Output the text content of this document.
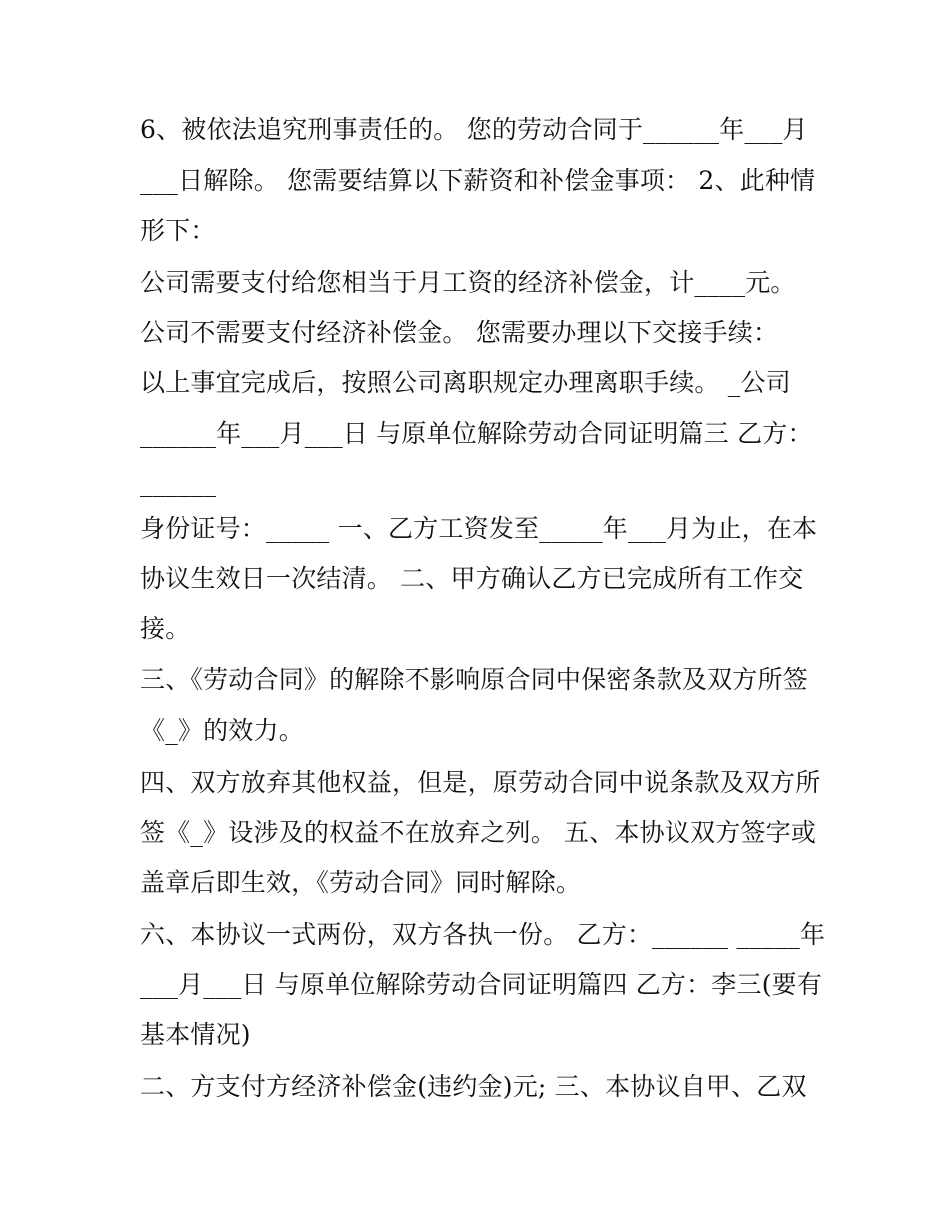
6、被依法追究刑事责任的。 您的劳动合同于______年___月
___日解除。 您需要结算以下薪资和补偿金事项： 2、此种情
形下：
公司需要支付给您相当于月工资的经济补偿金，计____元。
公司不需要支付经济补偿金。 您需要办理以下交接手续：
以上事宜完成后，按照公司离职规定办理离职手续。 _公司
______年___月___日 与原单位解除劳动合同证明篇三 乙方：
______
身份证号：_____ 一、乙方工资发至_____年___月为止，在本
协议生效日一次结清。 二、甲方确认乙方已完成所有工作交
接。
三、《劳动合同》的解除不影响原合同中保密条款及双方所签
《_》的效力。
四、双方放弃其他权益，但是，原劳动合同中说条款及双方所
签《_》设涉及的权益不在放弃之列。 五、本协议双方签字或
盖章后即生效，《劳动合同》同时解除。
六、本协议一式两份，双方各执一份。 乙方：______ _____年
___月___日 与原单位解除劳动合同证明篇四 乙方：李三(要有
基本情况)
二、方支付方经济补偿金(违约金)元; 三、本协议自甲、乙双
